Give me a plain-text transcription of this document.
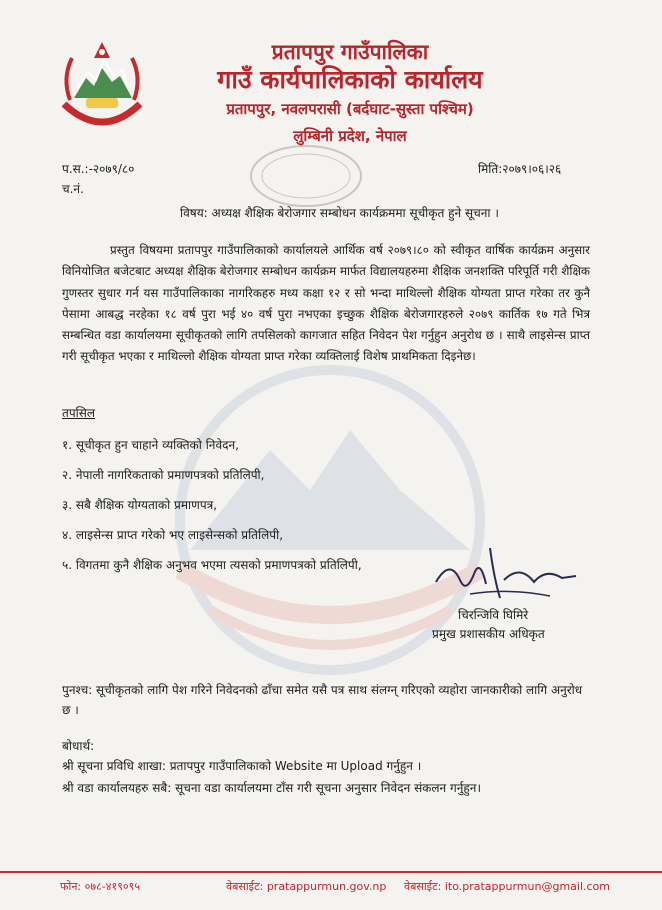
प्रतापपुर गाउँपालिका
गाउँ कार्यपालिकाको कार्यालय
प्रतापपुर, नवलपरासी (बर्दघाट-सुस्ता पश्चिम)
लुम्बिनी प्रदेश, नेपाल
प.स.:-२०७९/८०	मिति:२०७९।०६।२६
च.नं.
विषय: अध्यक्ष शैक्षिक बेरोजगार सम्बोधन कार्यक्रममा सूचीकृत हुने सूचना ।
प्रस्तुत विषयमा प्रतापपुर गाउँपालिकाको कार्यालयले आर्थिक वर्ष २०७९।८० को स्वीकृत वार्षिक कार्यक्रम अनुसार विनियोजित बजेटबाट अध्यक्ष शैक्षिक बेरोजगार सम्बोधन कार्यक्रम मार्फत विद्यालयहरुमा शैक्षिक जनशक्ति परिपूर्ति गरी शैक्षिक गुणस्तर सुधार गर्न यस गाउँपालिकाका नागरिकहरु मध्य कक्षा १२ र सो भन्दा माथिल्लो शैक्षिक योग्यता प्राप्त गरेका तर कुनै पेसामा आबद्ध नरहेका १८ वर्ष पुरा भई ४० वर्ष पुरा नभएका इच्छुक शैक्षिक बेरोजगारहरुले २०७९ कार्तिक १७ गते भित्र सम्बन्धित वडा कार्यालयमा सूचीकृतको लागि तपसिलको कागजात सहित निवेदन पेश गर्नुहुन अनुरोध छ । साथै लाइसेन्स प्राप्त गरी सूचीकृत भएका र माथिल्लो शैक्षिक योग्यता प्राप्त गरेका व्यक्तिलाई विशेष प्राथमिकता दिइनेछ।
तपसिल
१. सूचीकृत हुन चाहाने व्यक्तिको निवेदन,
२. नेपाली नागरिकताको प्रमाणपत्रको प्रतिलिपी,
३. सबै शैक्षिक योग्यताको प्रमाणपत्र,
४. लाइसेन्स प्राप्त गरेको भए लाइसेन्सको प्रतिलिपी,
५. विगतमा कुनै शैक्षिक अनुभव भएमा त्यसको प्रमाणपत्रको प्रतिलिपी,
चिरन्जिवि घिमिरे
प्रमुख प्रशासकीय अधिकृत
पुनश्च: सूचीकृतको लागि पेश गरिने निवेदनको ढाँचा समेत यसै पत्र साथ संलग्न् गरिएको व्यहोरा जानकारीको लागि अनुरोध छ ।
बोधार्थ:
श्री सूचना प्रविधि शाखा: प्रतापपुर गाउँपालिकाको Website मा Upload गर्नुहुन ।
श्री वडा कार्यालयहरु सबै: सूचना वडा कार्यालयमा टाँस गरी सूचना अनुसार निवेदन संकलन गर्नुहुन।
फोन: ०७८-४१९०९५	वेबसाईट: pratappurmun.gov.np वेबसाईट: ito.pratappurmun@gmail.com
